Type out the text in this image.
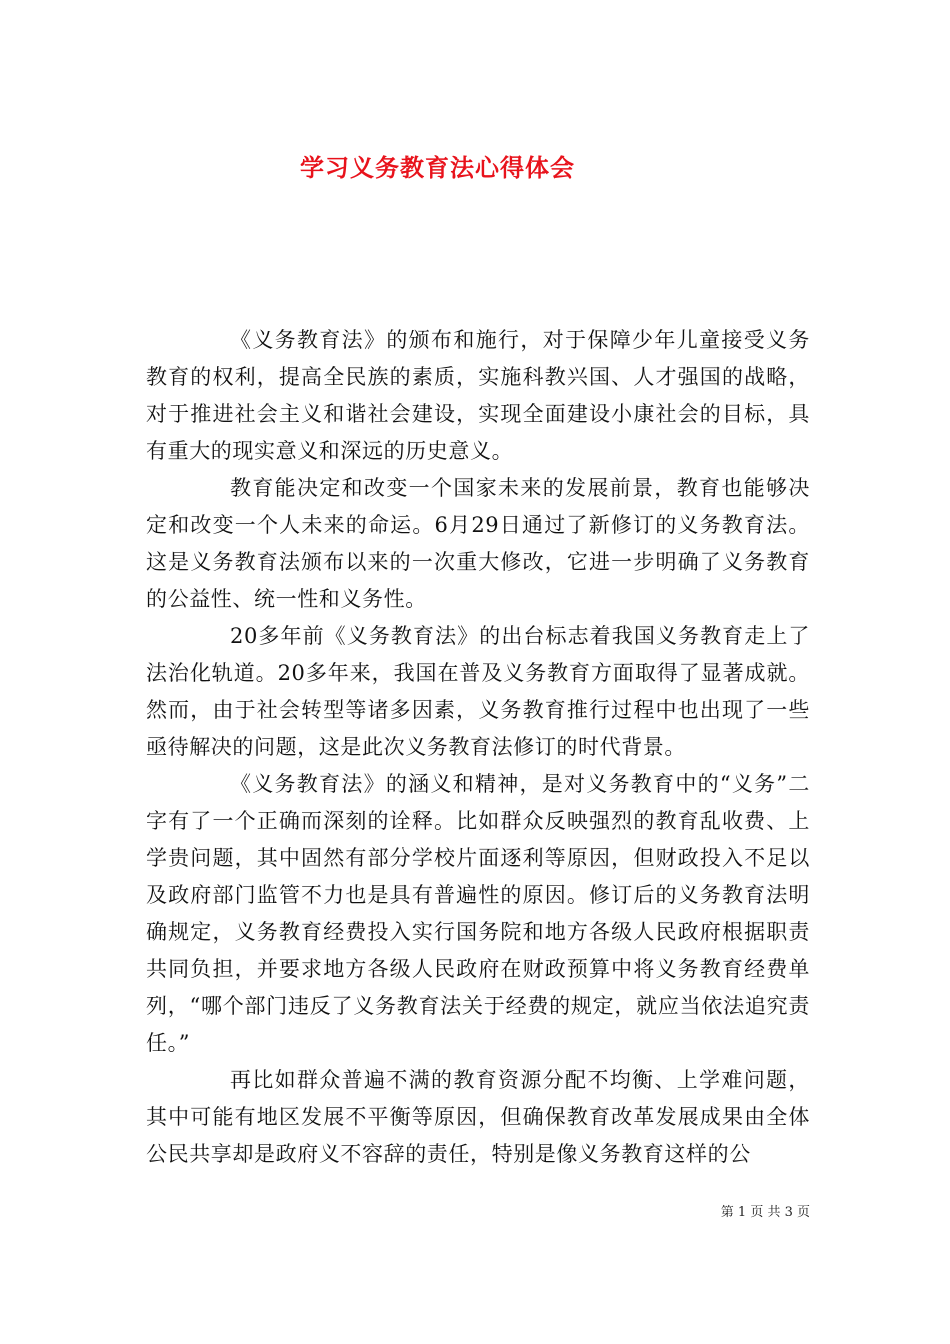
学习义务教育法心得体会

《义务教育法》的颁布和施行，对于保障少年儿童接受义务教育的权利，提高全民族的素质，实施科教兴国、人才强国的战略，对于推进社会主义和谐社会建设，实现全面建设小康社会的目标，具有重大的现实意义和深远的历史意义。

教育能决定和改变一个国家未来的发展前景，教育也能够决定和改变一个人未来的命运。6月29日通过了新修订的义务教育法。这是义务教育法颁布以来的一次重大修改，它进一步明确了义务教育的公益性、统一性和义务性。

20多年前《义务教育法》的出台标志着我国义务教育走上了法治化轨道。20多年来，我国在普及义务教育方面取得了显著成就。然而，由于社会转型等诸多因素，义务教育推行过程中也出现了一些亟待解决的问题，这是此次义务教育法修订的时代背景。

《义务教育法》的涵义和精神，是对义务教育中的“义务”二字有了一个正确而深刻的诠释。比如群众反映强烈的教育乱收费、上学贵问题，其中固然有部分学校片面逐利等原因，但财政投入不足以及政府部门监管不力也是具有普遍性的原因。修订后的义务教育法明确规定，义务教育经费投入实行国务院和地方各级人民政府根据职责共同负担，并要求地方各级人民政府在财政预算中将义务教育经费单列，“哪个部门违反了义务教育法关于经费的规定，就应当依法追究责任。”

再比如群众普遍不满的教育资源分配不均衡、上学难问题，其中可能有地区发展不平衡等原因，但确保教育改革发展成果由全体公民共享却是政府义不容辞的责任，特别是像义务教育这样的公

第 1 页 共 3 页
